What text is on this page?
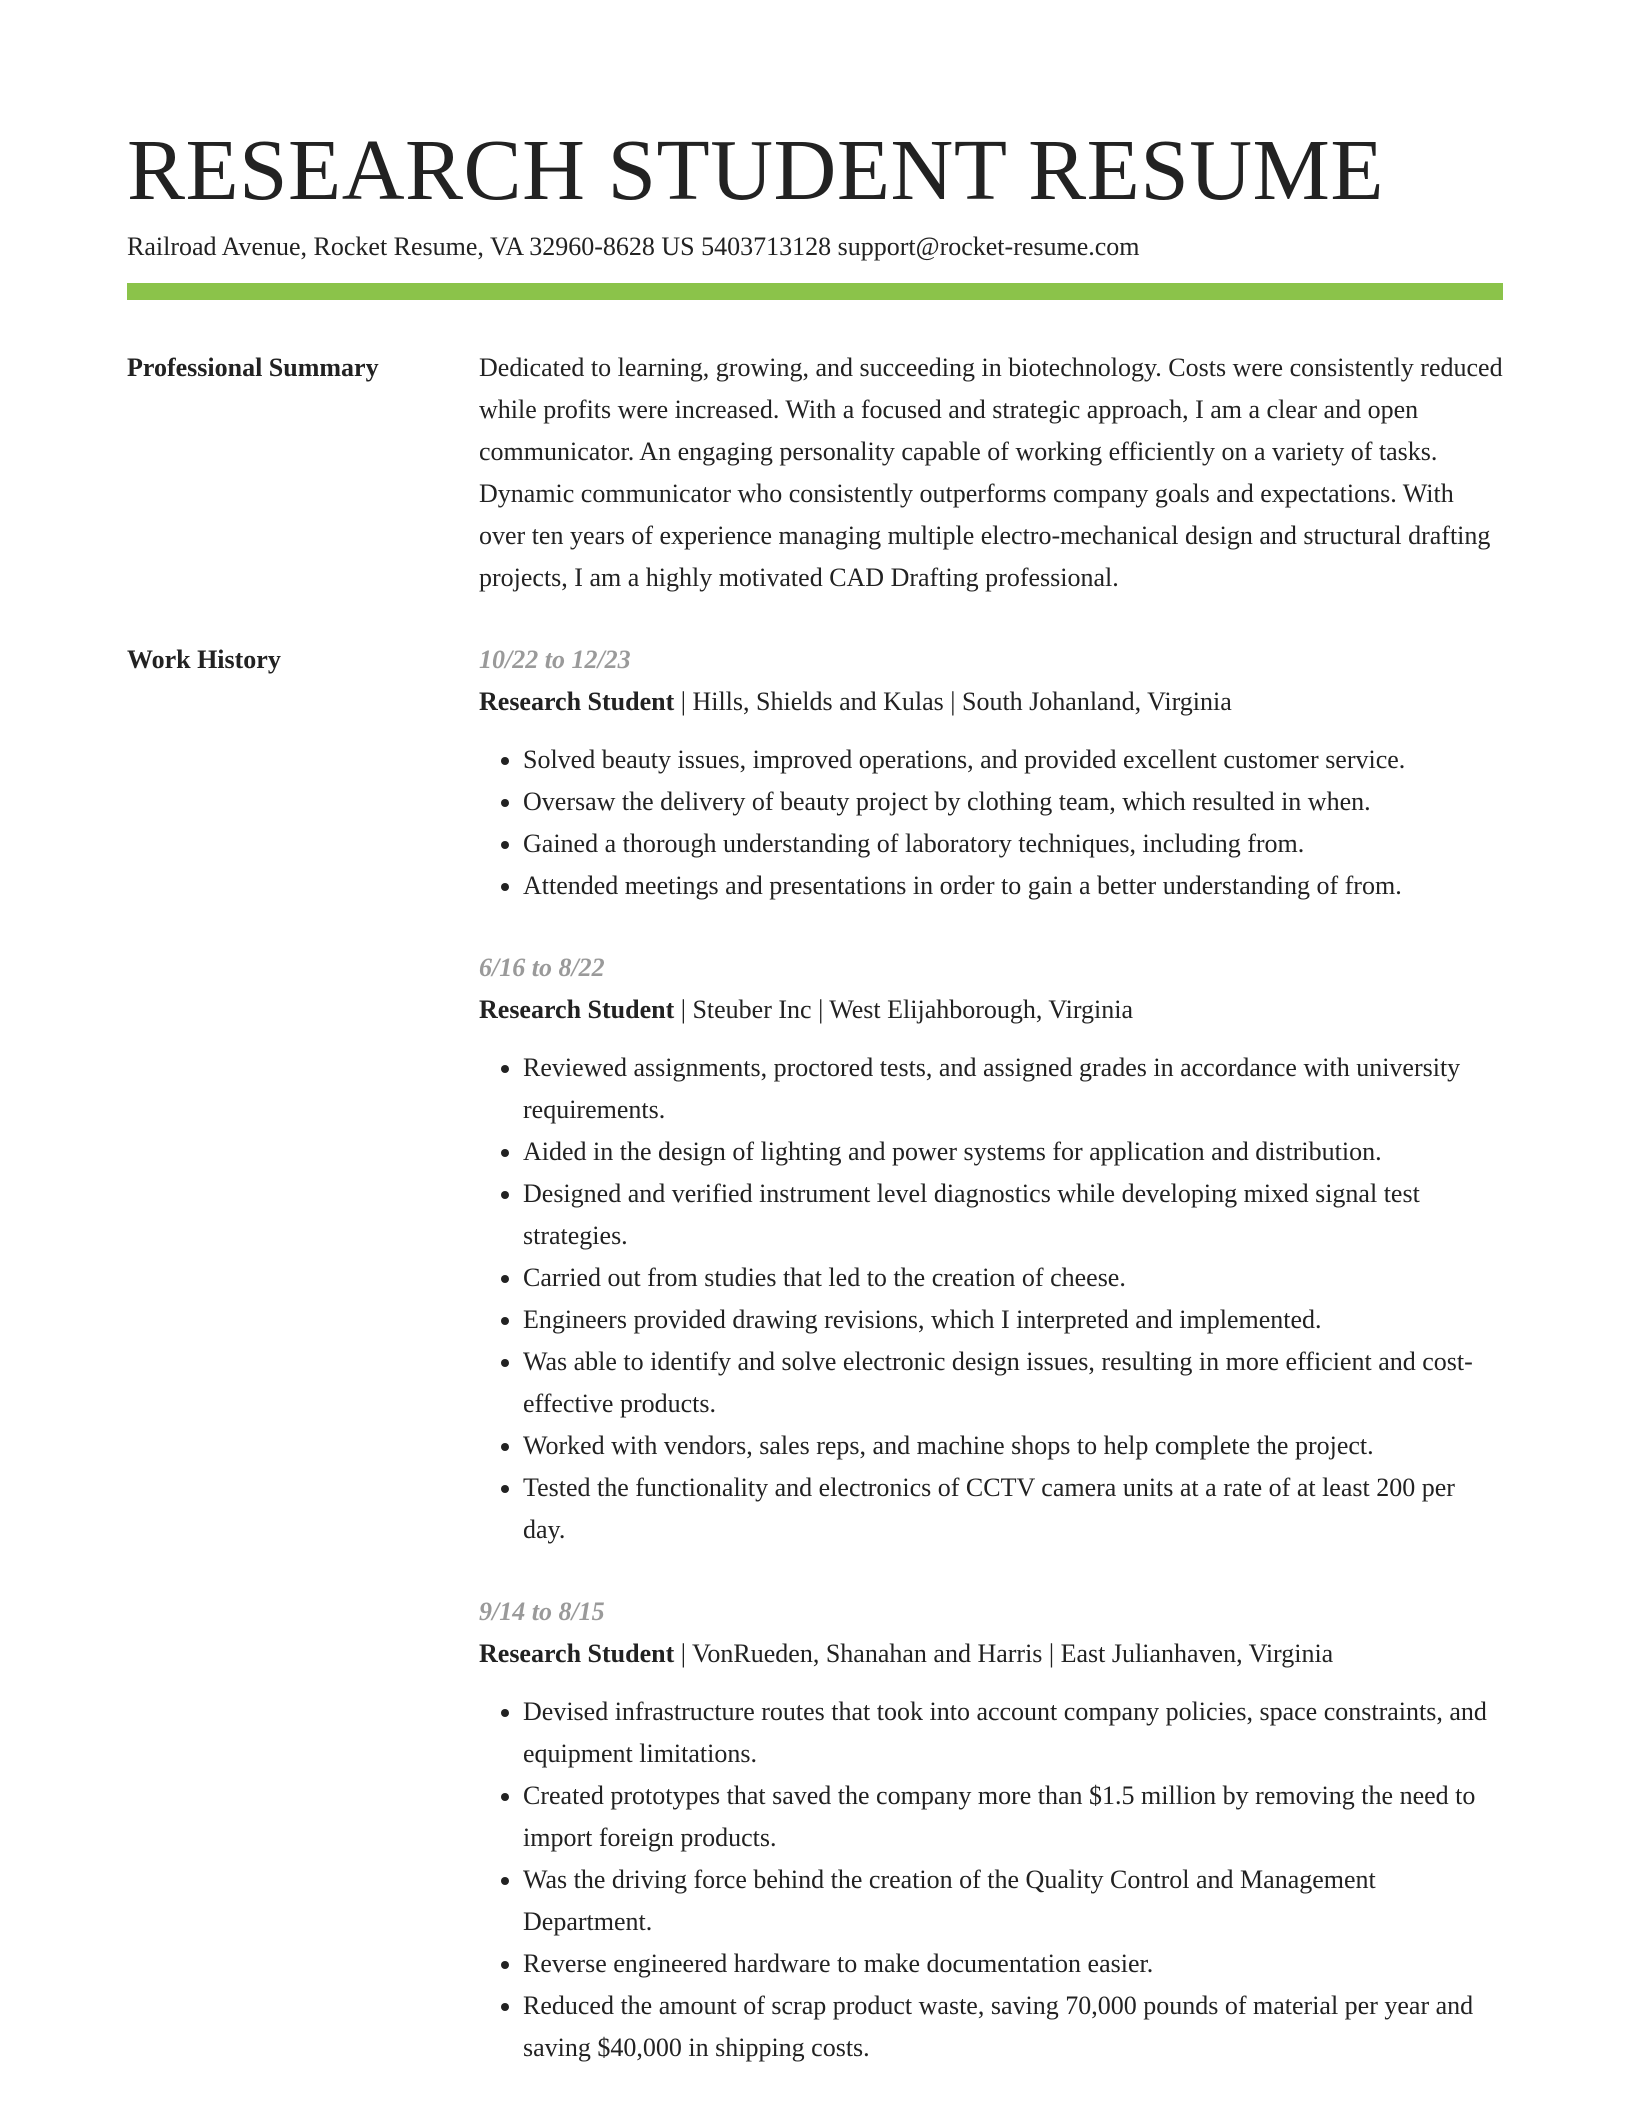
RESEARCH STUDENT RESUME
Railroad Avenue, Rocket Resume, VA 32960-8628 US 5403713128 support@rocket-resume.com
Professional Summary	Dedicated to learning, growing, and succeeding in biotechnology. Costs were consistently reduced while profits were increased. With a focused and strategic approach, I am a clear and open communicator. An engaging personality capable of working efficiently on a variety of tasks. Dynamic communicator who consistently outperforms company goals and expectations. With over ten years of experience managing multiple electro-mechanical design and structural drafting projects, I am a highly motivated CAD Drafting professional.

Work History	10/22 to 12/23
Research Student | Hills, Shields and Kulas | South Johanland, Virginia
• Solved beauty issues, improved operations, and provided excellent customer service.
• Oversaw the delivery of beauty project by clothing team, which resulted in when.
• Gained a thorough understanding of laboratory techniques, including from.
• Attended meetings and presentations in order to gain a better understanding of from.
6/16 to 8/22
Research Student | Steuber Inc | West Elijahborough, Virginia
• Reviewed assignments, proctored tests, and assigned grades in accordance with university requirements.
• Aided in the design of lighting and power systems for application and distribution.
• Designed and verified instrument level diagnostics while developing mixed signal test strategies.
• Carried out from studies that led to the creation of cheese.
• Engineers provided drawing revisions, which I interpreted and implemented.
• Was able to identify and solve electronic design issues, resulting in more efficient and cost-effective products.
• Worked with vendors, sales reps, and machine shops to help complete the project.
• Tested the functionality and electronics of CCTV camera units at a rate of at least 200 per day.
9/14 to 8/15
Research Student | VonRueden, Shanahan and Harris | East Julianhaven, Virginia
• Devised infrastructure routes that took into account company policies, space constraints, and equipment limitations.
• Created prototypes that saved the company more than $1.5 million by removing the need to import foreign products.
• Was the driving force behind the creation of the Quality Control and Management Department.
• Reverse engineered hardware to make documentation easier.
• Reduced the amount of scrap product waste, saving 70,000 pounds of material per year and saving $40,000 in shipping costs.
